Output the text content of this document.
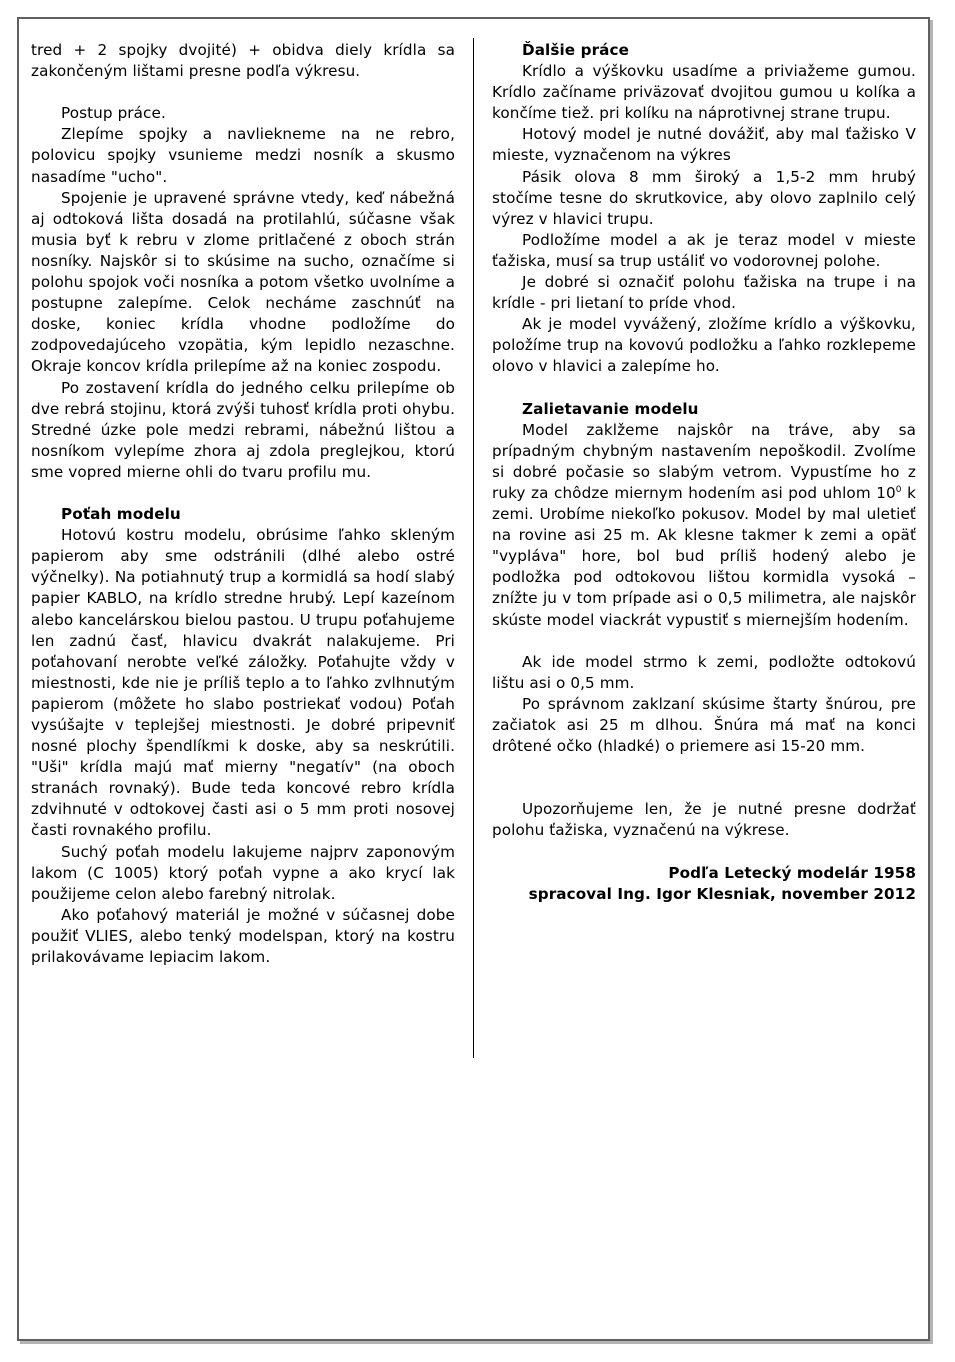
tred + 2 spojky dvojité) + obidva diely krídla sa zakončeným lištami presne podľa výkresu.

Postup práce.

Zlepíme spojky a navliekneme na ne rebro, polovicu spojky vsunieme medzi nosník a skusmo nasadíme "ucho".

Spojenie je upravené správne vtedy, keď nábežná aj odtoková lišta dosadá na protilahlú, súčasne však musia byť k rebru v zlome pritlačené z oboch strán nosníky. Najskôr si to skúsime na sucho, označíme si polohu spojok voči nosníka a potom všetko uvolníme a postupne zalepíme. Celok necháme zaschnúť na doske, koniec krídla vhodne podložíme do zodpovedajúceho vzopätia, kým lepidlo nezaschne. Okraje koncov krídla prilepíme až na koniec zospodu.

Po zostavení krídla do jedného celku prilepíme ob dve rebrá stojinu, ktorá zvýši tuhosť krídla proti ohybu. Stredné úzke pole medzi rebrami, nábežnú lištou a nosníkom vylepíme zhora aj zdola preglejkou, ktorú sme vopred mierne ohli do tvaru profilu mu.

Poťah modelu

Hotovú kostru modelu, obrúsime ľahko skleným papierom aby sme odstránili (dlhé alebo ostré výčnelky). Na potiahnutý trup a kormidlá sa hodí slabý papier KABLO, na krídlo stredne hrubý. Lepí kazeínom alebo kancelárskou bielou pastou. U trupu poťahujeme len zadnú časť, hlavicu dvakrát nalakujeme. Pri poťahovaní nerobte veľké záložky. Poťahujte vždy v miestnosti, kde nie je príliš teplo a to ľahko zvlhnutým papierom (môžete ho slabo postriekať vodou) Poťah vysúšajte v teplejšej miestnosti. Je dobré pripevniť nosné plochy špendlíkmi k doske, aby sa neskrútili. "Uši" krídla majú mať mierny "negatív" (na oboch stranách rovnaký). Bude teda koncové rebro krídla zdvihnuté v odtokovej časti asi o 5 mm proti nosovej časti rovnakého profilu.

Suchý poťah modelu lakujeme najprv zaponovým lakom (C 1005) ktorý poťah vypne a ako krycí lak použijeme celon alebo farebný nitrolak.

Ako poťahový materiál je možné v súčasnej dobe použiť VLIES, alebo tenký modelspan, ktorý na kostru prilakovávame lepiacim lakom.

Ďalšie práce

Krídlo a výškovku usadíme a priviažeme gumou. Krídlo začíname priväzovať dvojitou gumou u kolíka a končíme tiež. pri kolíku na náprotivnej strane trupu.

Hotový model je nutné dovážiť, aby mal ťažisko V mieste, vyznačenom na výkres

Pásik olova 8 mm široký a 1,5-2 mm hrubý stočíme tesne do skrutkovice, aby olovo zaplnilo celý výrez v hlavici trupu.

Podložíme model a ak je teraz model v mieste ťažiska, musí sa trup ustáliť vo vodorovnej polohe.

Je dobré si označiť polohu ťažiska na trupe i na krídle - pri lietaní to príde vhod.

Ak je model vyvážený, zložíme krídlo a výškovku, položíme trup na kovovú podložku a ľahko rozklepeme olovo v hlavici a zalepíme ho.

Zalietavanie modelu

Model zaklžeme najskôr na tráve, aby sa prípadným chybným nastavením nepoškodil. Zvolíme si dobré počasie so slabým vetrom. Vypustíme ho z ruky za chôdze miernym hodením asi pod uhlom $10^0$ k zemi. Urobíme niekoľko pokusov. Model by mal uletieť na rovine asi 25 m. Ak klesne takmer k zemi a opäť "vypláva" hore, bol bud príliš hodený alebo je podložka pod odtokovou lištou kormidla vysoká – znížte ju v tom prípade asi o 0,5 milimetra, ale najskôr skúste model viackrát vypustiť s miernejším hodením.

Ak ide model strmo k zemi, podložte odtokovú lištu asi o 0,5 mm.

Po správnom zaklzaní skúsime štarty šnúrou, pre začiatok asi 25 m dlhou. Šnúra má mať na konci drôtené očko (hladké) o priemere asi 15-20 mm.

Upozorňujeme len, že je nutné presne dodržať polohu ťažiska, vyznačenú na výkrese.

Podľa Letecký modelár 1958
spracoval Ing. Igor Klesniak, november 2012
